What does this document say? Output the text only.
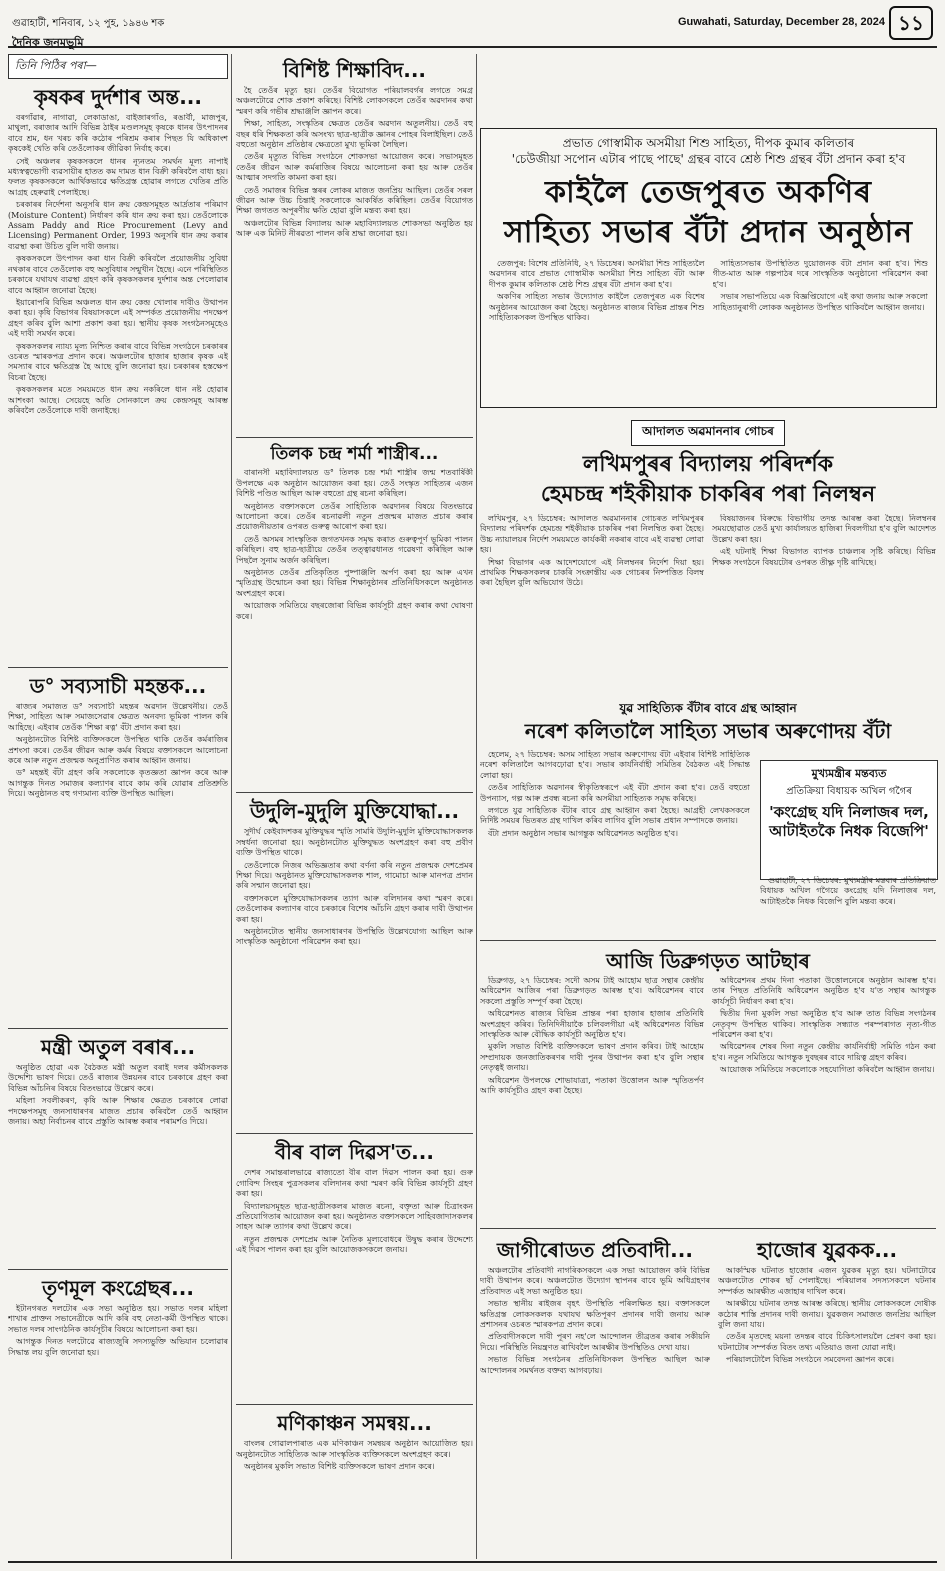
গুৱাহাটী, শনিবাৰ, ১২ পুহ, ১৯৪৬ শক	Guwahati, Saturday, December 28, 2024 ১১
দৈনিক জনমভূমি
তিনি পিঠিৰ পৰা—
কৃষকৰ দুৰ্দশাৰ অন্ত...

বৰগাঁৱাৰ, নাগাৱা, লেকাডাঙা, বাইজাৰগাঁও, ৰঙাৰ্বী, মাজপুৰ, মাথুলা, বৰাজাৰ আদি বিভিন্ন ঠাইৰ মণ্ডলসমূহ কৃষকে ধানৰ উৎপাদনৰ বাবে শ্ৰম, ধন খৰচ কৰি কঠোৰ পৰিশ্ৰম কৰাৰ পিছত যি অধিকাংশ কৃষকেই খেতি কৰি তেওঁলোকৰ জীৱিকা নিৰ্বাহ কৰে।

সেই অঞ্চলৰ কৃষকসকলে ধানৰ ন্যূনতম সমৰ্থন মূল্য নাপাই মধ্যস্বত্বভোগী ব্যৱসায়ীৰ হাতত কম দামত ধান বিক্ৰী কৰিবলৈ বাধ্য হয়। ফলত কৃষকসকলে আৰ্থিকভাৱে ক্ষতিগ্ৰস্ত হোৱাৰ লগতে খেতিৰ প্ৰতি আগ্ৰহ হেৰুৱাই পেলাইছে।

চৰকাৰৰ নিৰ্দেশনা অনুসৰি ধান ক্ৰয় কেন্দ্ৰসমূহত আৰ্দ্ৰতাৰ পৰিমাণ (Moisture Content) নিৰ্ধাৰণ কৰি ধান ক্ৰয় কৰা হয়। তেওঁলোকে Assam Paddy and Rice Procurement (Levy and Licensing) Permanent Order, 1993 অনুসৰি ধান ক্ৰয় কৰাৰ ব্যৱস্থা কৰা উচিত বুলি দাবী জনায়।

কৃষকসকলে উৎপাদন কৰা ধান বিক্ৰী কৰিবলৈ প্ৰয়োজনীয় সুবিধা নথকাৰ বাবে তেওঁলোক বহু অসুবিধাৰ সন্মুখীন হৈছে। এনে পৰিস্থিতিত চৰকাৰে যথাযথ ব্যৱস্থা গ্ৰহণ কৰি কৃষকসকলৰ দুৰ্দশাৰ অন্ত পেলোৱাৰ বাবে আহ্বান জনোৱা হৈছে।

ইয়াৰোপৰি বিভিন্ন অঞ্চলত ধান ক্ৰয় কেন্দ্ৰ খোলাৰ দাবীও উত্থাপন কৰা হয়। কৃষি বিভাগৰ বিষয়াসকলে এই সম্পৰ্কত প্ৰয়োজনীয় পদক্ষেপ গ্ৰহণ কৰিব বুলি আশা প্ৰকাশ কৰা হয়। স্থানীয় কৃষক সংগঠনসমূহেও এই দাবী সমৰ্থন কৰে।

কৃষকসকলৰ ন্যায্য মূল্য নিশ্চিত কৰাৰ বাবে বিভিন্ন সংগঠনে চৰকাৰৰ ওচৰত স্মাৰকপত্ৰ প্ৰদান কৰে। অঞ্চলটোৰ হাজাৰ হাজাৰ কৃষক এই সমস্যাৰ বাবে ক্ষতিগ্ৰস্ত হৈ আছে বুলি জনোৱা হয়। চৰকাৰৰ হস্তক্ষেপ বিচৰা হৈছে।

কৃষকসকলৰ মতে সময়মতে ধান ক্ৰয় নকৰিলে ধান নষ্ট হোৱাৰ আশংকা আছে। সেয়েহে অতি সোনকালে ক্ৰয় কেন্দ্ৰসমূহ আৰম্ভ কৰিবলৈ তেওঁলোকে দাবী জনাইছে।

ড° সব্যসাচী মহন্তক...

ৰাজ্যৰ সমাজত ড° সব্যসাচী মহন্তৰ অৱদান উল্লেখনীয়। তেওঁ শিক্ষা, সাহিত্য আৰু সমাজসেৱাৰ ক্ষেত্ৰত অনবদ্য ভূমিকা পালন কৰি আহিছে। এইবাৰ তেওঁক 'শিক্ষা ৰত্ন' বঁটা প্ৰদান কৰা হয়।

অনুষ্ঠানটোত বিশিষ্ট ব্যক্তিসকলে উপস্থিত থাকি তেওঁৰ কৰ্মৰাজিৰ প্ৰশংসা কৰে। তেওঁৰ জীৱন আৰু কৰ্মৰ বিষয়ে বক্তাসকলে আলোচনা কৰে আৰু নতুন প্ৰজন্মক অনুপ্ৰাণিত কৰাৰ আহ্বান জনায়।

ড° মহন্তই বঁটা গ্ৰহণ কৰি সকলোকে কৃতজ্ঞতা জ্ঞাপন কৰে আৰু আগন্তুক দিনত সমাজৰ কল্যাণৰ বাবে কাম কৰি যোৱাৰ প্ৰতিশ্ৰুতি দিয়ে। অনুষ্ঠানত বহু গণ্যমান্য ব্যক্তি উপস্থিত আছিল।

মন্ত্ৰী অতুল বৰাৰ...

অনুষ্ঠিত হোৱা এক বৈঠকত মন্ত্ৰী অতুল বৰাই দলৰ কৰ্মীসকলক উদ্দেশ্যি ভাষণ দিয়ে। তেওঁ ৰাজ্যৰ উন্নয়নৰ বাবে চৰকাৰে গ্ৰহণ কৰা বিভিন্ন আঁচনিৰ বিষয়ে বিতংভাৱে উল্লেখ কৰে।

মহিলা সবলীকৰণ, কৃষি আৰু শিক্ষাৰ ক্ষেত্ৰত চৰকাৰে লোৱা পদক্ষেপসমূহ জনসাধাৰণৰ মাজত প্ৰচাৰ কৰিবলৈ তেওঁ আহ্বান জনায়। অহা নিৰ্বাচনৰ বাবে প্ৰস্তুতি আৰম্ভ কৰাৰ পৰামৰ্শও দিয়ে।

তৃণমূল কংগ্ৰেছৰ...

ইটানগৰত দলটোৰ এক সভা অনুষ্ঠিত হয়। সভাত দলৰ মহিলা শাখাৰ প্ৰাক্তন সভানেত্ৰীকে আদি কৰি বহু নেতা-কৰ্মী উপস্থিত থাকে। সভাত দলৰ সাংগঠনিক কাৰ্যসূচীৰ বিষয়ে আলোচনা কৰা হয়।

আগন্তুক দিনত দলটোৱে ৰাজ্যজুৰি সদস্যভুক্তি অভিযান চলোৱাৰ সিদ্ধান্ত লয় বুলি জনোৱা হয়।

বিশিষ্ট শিক্ষাবিদ...

হৈ তেওঁৰ মৃত্যু হয়। তেওঁৰ বিয়োগত পৰিয়ালবৰ্গৰ লগতে সমগ্ৰ অঞ্চলটোৱে শোক প্ৰকাশ কৰিছে। বিশিষ্ট লোকসকলে তেওঁৰ অৱদানৰ কথা স্মৰণ কৰি গভীৰ শ্ৰদ্ধাঞ্জলি জ্ঞাপন কৰে।

শিক্ষা, সাহিত্য, সংস্কৃতিৰ ক্ষেত্ৰত তেওঁৰ অৱদান অতুলনীয়। তেওঁ বহু বছৰ ধৰি শিক্ষকতা কৰি অসংখ্য ছাত্ৰ-ছাত্ৰীক জ্ঞানৰ পোহৰ বিলাইছিল। তেওঁ বহুতো অনুষ্ঠান প্ৰতিষ্ঠাৰ ক্ষেত্ৰতো মুখ্য ভূমিকা লৈছিল।

তেওঁৰ মৃত্যুত বিভিন্ন সংগঠনে শোকসভা আয়োজন কৰে। সভাসমূহত তেওঁৰ জীৱন আৰু কৰ্মৰাজিৰ বিষয়ে আলোচনা কৰা হয় আৰু তেওঁৰ আত্মাৰ সদগতি কামনা কৰা হয়।

তেওঁ সমাজৰ বিভিন্ন স্তৰৰ লোকৰ মাজত জনপ্ৰিয় আছিল। তেওঁৰ সৰল জীৱন আৰু উচ্চ চিন্তাই সকলোকে আকৰ্ষিত কৰিছিল। তেওঁৰ বিয়োগত শিক্ষা জগতত অপূৰণীয় ক্ষতি হোৱা বুলি মন্তব্য কৰা হয়।

অঞ্চলটোৰ বিভিন্ন বিদ্যালয় আৰু মহাবিদ্যালয়ত শোকসভা অনুষ্ঠিত হয় আৰু এক মিনিট নীৰৱতা পালন কৰি শ্ৰদ্ধা জনোৱা হয়।

তিলক চন্দ্ৰ শৰ্মা শাস্ত্ৰীৰ...

বাৰানসী মহাবিদ্যালয়ত ড° তিলক চন্দ্ৰ শৰ্মা শাস্ত্ৰীৰ জন্ম শতবাৰ্ষিকী উপলক্ষে এক অনুষ্ঠান আয়োজন কৰা হয়। তেওঁ সংস্কৃত সাহিত্যৰ এজন বিশিষ্ট পণ্ডিত আছিল আৰু বহুতো গ্ৰন্থ ৰচনা কৰিছিল।

অনুষ্ঠানত বক্তাসকলে তেওঁৰ সাহিত্যিক অৱদানৰ বিষয়ে বিতংভাৱে আলোচনা কৰে। তেওঁৰ ৰচনাৱলী নতুন প্ৰজন্মৰ মাজত প্ৰচাৰ কৰাৰ প্ৰয়োজনীয়তাৰ ওপৰত গুৰুত্ব আৰোপ কৰা হয়।

তেওঁ অসমৰ সাংস্কৃতিক জগতখনক সমৃদ্ধ কৰাত গুৰুত্বপূৰ্ণ ভূমিকা পালন কৰিছিল। বহু ছাত্ৰ-ছাত্ৰীয়ে তেওঁৰ তত্ত্বাৱধানত গৱেষণা কৰিছিল আৰু পিছলৈ সুনাম অৰ্জন কৰিছিল।

অনুষ্ঠানত তেওঁৰ প্ৰতিকৃতিত পুষ্পাঞ্জলি অৰ্পণ কৰা হয় আৰু এখন স্মৃতিগ্ৰন্থ উন্মোচন কৰা হয়। বিভিন্ন শিক্ষানুষ্ঠানৰ প্ৰতিনিধিসকলে অনুষ্ঠানত অংশগ্ৰহণ কৰে।

আয়োজক সমিতিয়ে বছৰজোৰা বিভিন্ন কাৰ্যসূচী গ্ৰহণ কৰাৰ কথা ঘোষণা কৰে।

উদুলি-মুদুলি মুক্তিযোদ্ধা...

সুদীৰ্ঘ কেইবাদশকৰ মুক্তিযুদ্ধৰ স্মৃতি সামৰি উদুলি-মুদুলি মুক্তিযোদ্ধাসকলক সম্বৰ্ধনা জনোৱা হয়। অনুষ্ঠানটোত মুক্তিযুদ্ধত অংশগ্ৰহণ কৰা বহু প্ৰবীণ ব্যক্তি উপস্থিত থাকে।

তেওঁলোকে নিজৰ অভিজ্ঞতাৰ কথা বৰ্ণনা কৰি নতুন প্ৰজন্মক দেশপ্ৰেমৰ শিক্ষা দিয়ে। অনুষ্ঠানত মুক্তিযোদ্ধাসকলক শাল, গামোচা আৰু মানপত্ৰ প্ৰদান কৰি সন্মান জনোৱা হয়।

বক্তাসকলে মুক্তিযোদ্ধাসকলৰ ত্যাগ আৰু বলিদানৰ কথা স্মৰণ কৰে। তেওঁলোকৰ কল্যাণৰ বাবে চৰকাৰে বিশেষ আঁচনি গ্ৰহণ কৰাৰ দাবী উত্থাপন কৰা হয়।

অনুষ্ঠানটোত স্থানীয় জনসাধাৰণৰ উপস্থিতি উল্লেখযোগ্য আছিল আৰু সাংস্কৃতিক অনুষ্ঠানো পৰিৱেশন কৰা হয়।

বীৰ বাল দিৱস'ত...

দেশৰ সমান্তৰালভাৱে ৰাজ্যতো বীৰ বাল দিৱস পালন কৰা হয়। গুৰু গোবিন্দ সিংহৰ পুত্ৰসকলৰ বলিদানৰ কথা স্মৰণ কৰি বিভিন্ন কাৰ্যসূচী গ্ৰহণ কৰা হয়।

বিদ্যালয়সমূহত ছাত্ৰ-ছাত্ৰীসকলৰ মাজত ৰচনা, বক্তৃতা আৰু চিত্ৰাংকন প্ৰতিযোগিতাৰ আয়োজন কৰা হয়। অনুষ্ঠানত বক্তাসকলে সাহিবজাদাসকলৰ সাহস আৰু ত্যাগৰ কথা উল্লেখ কৰে।

নতুন প্ৰজন্মক দেশপ্ৰেম আৰু নৈতিক মূল্যবোধৰে উদ্বুদ্ধ কৰাৰ উদ্দেশ্যে এই দিৱস পালন কৰা হয় বুলি আয়োজকসকলে জনায়।

মণিকাঞ্চন সমন্বয়...

বাংলৰ গোৱালপাৰাত এক মণিকাঞ্চন সমন্বয়ৰ অনুষ্ঠান আয়োজিত হয়। অনুষ্ঠানটোত সাহিত্যিক আৰু সাংস্কৃতিক ব্যক্তিসকলে অংশগ্ৰহণ কৰে।

অনুষ্ঠানৰ মুকলি সভাত বিশিষ্ট ব্যক্তিসকলে ভাষণ প্ৰদান কৰে।

প্ৰভাত গোস্বামীক অসমীয়া শিশু সাহিত্য, দীপক কুমাৰ কলিতাৰ
'চেউজীয়া সপোন এটাৰ পাছে পাছে' গ্ৰন্থৰ বাবে শ্ৰেষ্ঠ শিশু গ্ৰন্থৰ বঁটা প্ৰদান কৰা হ'ব
কাইলৈ তেজপুৰত অকণিৰ
সাহিত্য সভাৰ বঁটা প্ৰদান অনুষ্ঠান

তেজপুৰ: বিশেষ প্ৰতিনিধি, ২৭ ডিচেম্বৰ। অসমীয়া শিশু সাহিত্যলৈ অৱদানৰ বাবে প্ৰভাত গোস্বামীক অসমীয়া শিশু সাহিত্য বঁটা আৰু দীপক কুমাৰ কলিতাক শ্ৰেষ্ঠ শিশু গ্ৰন্থৰ বঁটা প্ৰদান কৰা হ'ব।

অকণিৰ সাহিত্য সভাৰ উদ্যোগত কাইলৈ তেজপুৰত এক বিশেষ অনুষ্ঠানৰ আয়োজন কৰা হৈছে। অনুষ্ঠানত ৰাজ্যৰ বিভিন্ন প্ৰান্তৰ শিশু সাহিত্যিকসকল উপস্থিত থাকিব।

সাহিত্যসভাৰ উপস্থিতিত দুয়োজনক বঁটা প্ৰদান কৰা হ'ব। শিশু গীত-মাত আৰু গল্পপাঠৰ দৰে সাংস্কৃতিক অনুষ্ঠানো পৰিৱেশন কৰা হ'ব।

সভাৰ সভাপতিয়ে এক বিজ্ঞপ্তিযোগে এই কথা জনায় আৰু সকলো সাহিত্যানুৰাগী লোকক অনুষ্ঠানত উপস্থিত থাকিবলৈ আহ্বান জনায়।

আদালত অৱমাননাৰ গোচৰ
লখিমপুৰৰ বিদ্যালয় পৰিদৰ্শক
হেমচন্দ্ৰ শইকীয়াক চাকৰিৰ পৰা নিলম্বন

লখিমপুৰ, ২৭ ডিচেম্বৰ: আদালত অৱমাননাৰ গোচৰত লখিমপুৰৰ বিদ্যালয় পৰিদৰ্শক হেমচন্দ্ৰ শইকীয়াক চাকৰিৰ পৰা নিলম্বিত কৰা হৈছে। উচ্চ ন্যায়ালয়ৰ নিৰ্দেশ সময়মতে কাৰ্যকৰী নকৰাৰ বাবে এই ব্যৱস্থা লোৱা হয়।

শিক্ষা বিভাগৰ এক আদেশযোগে এই নিলম্বনৰ নিৰ্দেশ দিয়া হয়। প্ৰাথমিক শিক্ষকসকলৰ চাকৰি সংক্ৰান্তীয় এক গোচৰৰ নিষ্পত্তিত বিলম্ব কৰা হৈছিল বুলি অভিযোগ উঠে।

বিষয়াজনৰ বিৰুদ্ধে বিভাগীয় তদন্ত আৰম্ভ কৰা হৈছে। নিলম্বনৰ সময়ছোৱাত তেওঁ মুখ্য কাৰ্যালয়ত হাজিৰা দিবলগীয়া হ'ব বুলি আদেশত উল্লেখ কৰা হয়।

এই ঘটনাই শিক্ষা বিভাগত ব্যাপক চাঞ্চল্যৰ সৃষ্টি কৰিছে। বিভিন্ন শিক্ষক সংগঠনে বিষয়টোৰ ওপৰত তীক্ষ্ণ দৃষ্টি ৰাখিছে।

যুৱ সাহিত্যিক বঁটাৰ বাবে গ্ৰন্থ আহ্বান
নৰেশ কলিতালৈ সাহিত্য সভাৰ অৰুণোদয় বঁটা

হেলেম, ২৭ ডিচেম্বৰ: অসম সাহিত্য সভাৰ অৰুণোদয় বঁটা এইবাৰ বিশিষ্ট সাহিত্যিক নৰেশ কলিতালৈ আগবঢ়োৱা হ'ব। সভাৰ কাৰ্যনিৰ্বাহী সমিতিৰ বৈঠকত এই সিদ্ধান্ত লোৱা হয়।

তেওঁৰ সাহিত্যিক অৱদানৰ স্বীকৃতিস্বৰূপে এই বঁটা প্ৰদান কৰা হ'ব। তেওঁ বহুতো উপন্যাস, গল্প আৰু প্ৰবন্ধ ৰচনা কৰি অসমীয়া সাহিত্যক সমৃদ্ধ কৰিছে।

লগতে যুৱ সাহিত্যিক বঁটাৰ বাবে গ্ৰন্থ আহ্বান কৰা হৈছে। আগ্ৰহী লেখকসকলে নিৰ্দিষ্ট সময়ৰ ভিতৰত গ্ৰন্থ দাখিল কৰিব লাগিব বুলি সভাৰ প্ৰধান সম্পাদকে জনায়।

বঁটা প্ৰদান অনুষ্ঠান সভাৰ আগন্তুক অধিৱেশনত অনুষ্ঠিত হ'ব।

মুখ্যমন্ত্ৰীৰ মন্তব্যত
প্ৰতিক্ৰিয়া বিধায়ক অখিল গগৈৰ
'কংগ্ৰেছ যদি নিলাজৰ দল, আটাইতকৈ নিধক বিজেপি'

গুৱাহাটী, ২৭ ডিচেম্বৰ: মুখ্যমন্ত্ৰীৰ মন্তব্যৰ প্ৰতিক্ৰিয়াত বিধায়ক অখিল গগৈয়ে কংগ্ৰেছ যদি নিলাজৰ দল, আটাইতকৈ নিধক বিজেপি বুলি মন্তব্য কৰে।

আজি ডিব্ৰুগড়ত আটছাৰ

ডিব্ৰুগড়, ২৭ ডিচেম্বৰ: সদৌ অসম টাই আহোম ছাত্ৰ সন্থাৰ কেন্দ্ৰীয় অধিৱেশন আজিৰ পৰা ডিব্ৰুগড়ত আৰম্ভ হ'ব। অধিৱেশনৰ বাবে সকলো প্ৰস্তুতি সম্পূৰ্ণ কৰা হৈছে।

অধিৱেশনত ৰাজ্যৰ বিভিন্ন প্ৰান্তৰ পৰা হাজাৰ হাজাৰ প্ৰতিনিধি অংশগ্ৰহণ কৰিব। তিনিদিনীয়াকৈ চলিবলগীয়া এই অধিৱেশনত বিভিন্ন সাংস্কৃতিক আৰু বৌদ্ধিক কাৰ্যসূচী অনুষ্ঠিত হ'ব।

মুকলি সভাত বিশিষ্ট ব্যক্তিসকলে ভাষণ প্ৰদান কৰিব। টাই আহোম সম্প্ৰদায়ক জনজাতিকৰণৰ দাবী পুনৰ উত্থাপন কৰা হ'ব বুলি সন্থাৰ নেতৃত্বই জনায়।

অধিৱেশন উপলক্ষে শোভাযাত্ৰা, পতাকা উত্তোলন আৰু স্মৃতিতৰ্পণ আদি কাৰ্যসূচীও গ্ৰহণ কৰা হৈছে।

অধিৱেশনৰ প্ৰথম দিনা পতাকা উত্তোলনেৰে অনুষ্ঠান আৰম্ভ হ'ব। তাৰ পিছত প্ৰতিনিধি অধিৱেশন অনুষ্ঠিত হ'ব য'ত সন্থাৰ আগন্তুক কাৰ্যসূচী নিৰ্ধাৰণ কৰা হ'ব।

দ্বিতীয় দিনা মুকলি সভা অনুষ্ঠিত হ'ব আৰু তাত বিভিন্ন সংগঠনৰ নেতৃবৃন্দ উপস্থিত থাকিব। সাংস্কৃতিক সন্ধ্যাত পৰম্পৰাগত নৃত্য-গীত পৰিৱেশন কৰা হ'ব।

অধিৱেশনৰ শেষৰ দিনা নতুন কেন্দ্ৰীয় কাৰ্যনিৰ্বাহী সমিতি গঠন কৰা হ'ব। নতুন সমিতিয়ে আগন্তুক দুবছৰৰ বাবে দায়িত্ব গ্ৰহণ কৰিব।

আয়োজক সমিতিয়ে সকলোকে সহযোগিতা কৰিবলৈ আহ্বান জনায়।

জাগীৰোডত প্ৰতিবাদী...

অঞ্চলটোৰ প্ৰতিবাদী নাগৰিকসকলে এক সভা আয়োজন কৰি বিভিন্ন দাবী উত্থাপন কৰে। অঞ্চলটোত উদ্যোগ স্থাপনৰ বাবে ভূমি অধিগ্ৰহণৰ প্ৰতিবাদত এই সভা অনুষ্ঠিত হয়।

সভাত স্থানীয় ৰাইজৰ বৃহৎ উপস্থিতি পৰিলক্ষিত হয়। বক্তাসকলে ক্ষতিগ্ৰস্ত লোকসকলক যথাযথ ক্ষতিপূৰণ প্ৰদানৰ দাবী জনায় আৰু প্ৰশাসনৰ ওচৰত স্মাৰকপত্ৰ প্ৰদান কৰে।

প্ৰতিবাদীসকলে দাবী পূৰণ নহ'লে আন্দোলন তীব্ৰতৰ কৰাৰ সকীয়নি দিয়ে। পৰিস্থিতি নিয়ন্ত্ৰণত ৰাখিবলৈ আৰক্ষীৰ উপস্থিতিও দেখা যায়।

সভাত বিভিন্ন সংগঠনৰ প্ৰতিনিধিসকল উপস্থিত আছিল আৰু আন্দোলনৰ সমৰ্থনত বক্তব্য আগবঢ়ায়।

হাজোৰ যুৱকক...

আকস্মিক ঘটনাত হাজোৰ এজন যুৱকৰ মৃত্যু হয়। ঘটনাটোৱে অঞ্চলটোত শোকৰ ছাঁ পেলাইছে। পৰিয়ালৰ সদস্যসকলে ঘটনাৰ সম্পৰ্কত আৰক্ষীত এজাহাৰ দাখিল কৰে।

আৰক্ষীয়ে ঘটনাৰ তদন্ত আৰম্ভ কৰিছে। স্থানীয় লোকসকলে দোষীক কঠোৰ শাস্তি প্ৰদানৰ দাবী জনায়। যুৱকজন সমাজত জনপ্ৰিয় আছিল বুলি জনা যায়।

তেওঁৰ মৃতদেহ ময়না তদন্তৰ বাবে চিকিৎসালয়লৈ প্ৰেৰণ কৰা হয়। ঘটনাটোৰ সম্পৰ্কত বিতং তথ্য এতিয়াও জনা যোৱা নাই।

পৰিয়ালটোলৈ বিভিন্ন সংগঠনে সমবেদনা জ্ঞাপন কৰে।
